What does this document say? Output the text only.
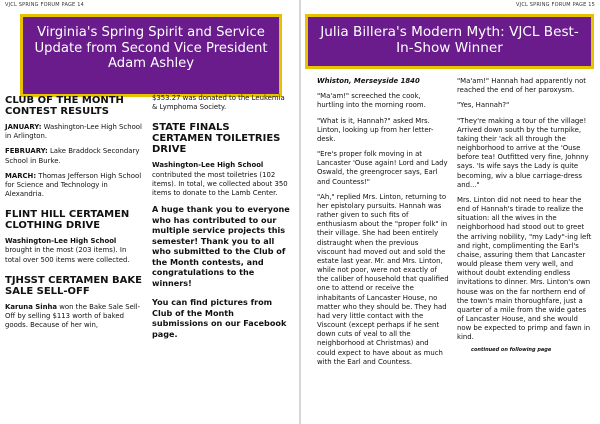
VJCL SPRING FORUM PAGE 14
Virginia's Spring Spirit and Service Update from Second Vice President Adam Ashley
CLUB OF THE MONTH CONTEST RESULTS

JANUARY: Washington-Lee High School in Arlington.

FEBRUARY: Lake Braddock Secondary School in Burke.

MARCH: Thomas Jefferson High School for Science and Technology in Alexandria.

FLINT HILL CERTAMEN CLOTHING DRIVE

Washington-Lee High School brought in the most (203 items). In total over 500 items were collected.

TJHSST CERTAMEN BAKE SALE SELL-OFF

Karuna Sinha won the Bake Sale Sell-Off by selling $113 worth of baked goods. Because of her win,

$353.27 was donated to the Leukemia & Lymphoma Society.

STATE FINALS CERTAMEN TOILETRIES DRIVE

Washington-Lee High School contributed the most toiletries (102 items). In total, we collected about 350 items to donate to the Lamb Center.

A huge thank you to everyone who has contributed to our multiple service projects this semester! Thank you to all who submitted to the Club of the Month contests, and congratulations to the winners!

You can find pictures from Club of the Month submissions on our Facebook page.

VJCL SPRING FORUM PAGE 15
Julia Billera's Modern Myth: VJCL Best-In-Show Winner

Whiston, Merseyside 1840

"Ma'am!" screeched the cook, hurtling into the morning room.

"What is it, Hannah?" asked Mrs. Linton, looking up from her letter-desk.

"Ere's proper folk moving in at Lancaster 'Ouse again! Lord and Lady Oswald, the greengrocer says, Earl and Countess!"

"Ah," replied Mrs. Linton, returning to her epistolary pursuits. Hannah was rather given to such fits of enthusiasm about the "proper folk" in their village. She had been entirely distraught when the previous viscount had moved out and sold the estate last year. Mr. and Mrs. Linton, while not poor, were not exactly of the caliber of household that qualified one to attend or receive the inhabitants of Lancaster House, no matter who they should be. They had had very little contact with the Viscount (except perhaps if he sent down cuts of veal to all the neighborhood at Christmas) and could expect to have about as much with the Earl and Countess.

"Ma'am!" Hannah had apparently not reached the end of her paroxysm.

"Yes, Hannah?"

"They're making a tour of the village! Arrived down south by the turnpike, taking their 'ack all through the neighborhood to arrive at the 'Ouse before tea! Outfitted very fine, Johnny says. 'Is wife says the Lady is quite becoming, wiv a blue carriage-dress and..."

Mrs. Linton did not need to hear the end of Hannah's tirade to realize the situation: all the wives in the neighborhood had stood out to greet the arriving nobility, "my Lady"-ing left and right, complimenting the Earl's chaise, assuring them that Lancaster would please them very well, and without doubt extending endless invitations to dinner. Mrs. Linton's own house was on the far northern end of the town's main thoroughfare, just a quarter of a mile from the wide gates of Lancaster House, and she would now be expected to primp and fawn in kind.

continued on following page
